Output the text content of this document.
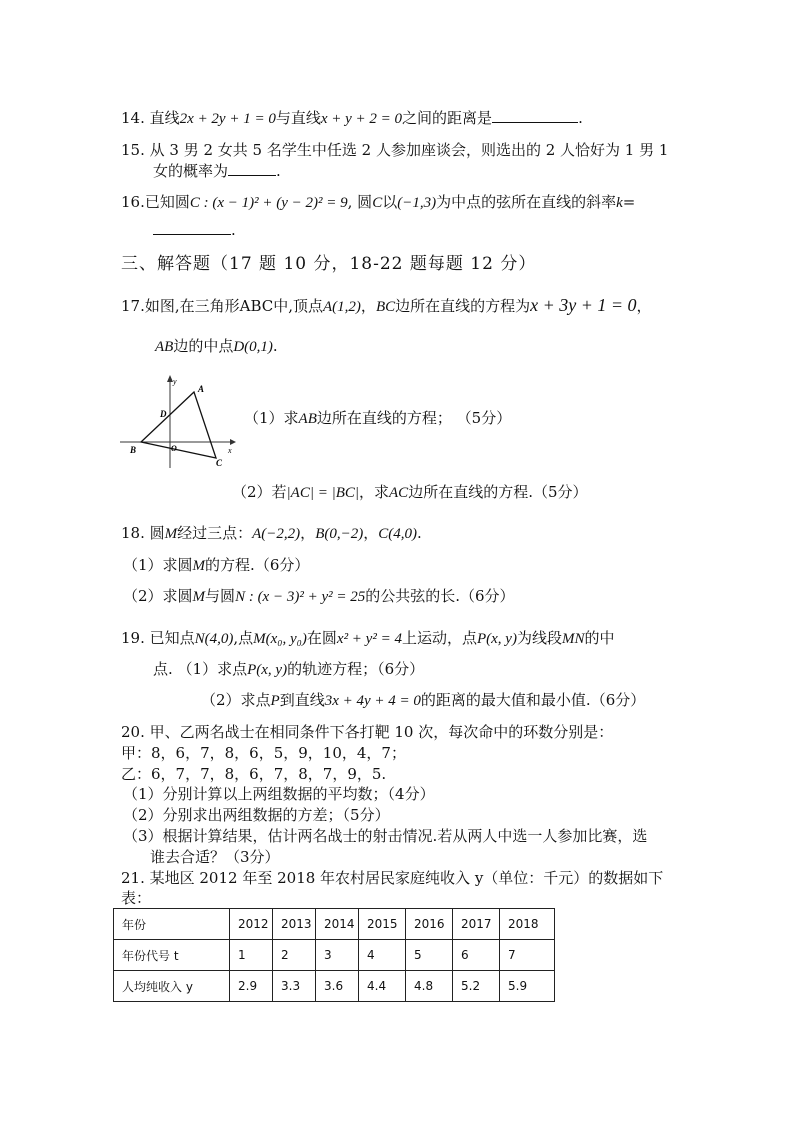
14. 直线2x + 2y + 1 = 0与直线x + y + 2 = 0之间的距离是	.
15. 从 3 男 2 女共 5 名学生中任选 2 人参加座谈会，则选出的 2 人恰好为 1 男 1
女的概率为	.
16.已知圆C : (x − 1)² + (y − 2)² = 9, 圆C以(−1,3)为中点的弦所在直线的斜率k=
.
三、解答题（17 题 10 分，18-22 题每题 12 分）
17.如图,在三角形ABC中,顶点A(1,2)，BC边所在直线的方程为x + 3y + 1 = 0，
AB边的中点D(0,1).
y
x
A
B
C
D
O
（1）求AB边所在直线的方程； （5分）
（2）若|AC| = |BC|，求AC边所在直线的方程.（5分）
18. 圆M经过三点：A(−2,2)，B(0,−2)，C(4,0).
（1）求圆M的方程.（6分）
（2）求圆M与圆N : (x − 3)² + y² = 25的公共弦的长.（6分）
19. 已知点N(4,0),点M(x₀, y₀)在圆x² + y² = 4上运动，点P(x, y)为线段MN的中
点. （1）求点P(x, y)的轨迹方程；（6分）
（2）求点P到直线3x + 4y + 4 = 0的距离的最大值和最小值.（6分）
20. 甲、乙两名战士在相同条件下各打靶 10 次，每次命中的环数分别是：
甲：8，6，7，8，6，5，9，10，4，7；
乙：6，7，7，8，6，7，8，7，9，5.
（1）分别计算以上两组数据的平均数；（4分）
（2）分别求出两组数据的方差；（5分）
（3）根据计算结果，估计两名战士的射击情况.若从两人中选一人参加比赛，选
谁去合适？（3分）
21. 某地区 2012 年至 2018 年农村居民家庭纯收入 y（单位：千元）的数据如下
表：
年份	2012	2013	2014	2015	2016	2017	2018
年份代号 t	1	2	3	4	5	6	7
人均纯收入 y	2.9	3.3	3.6	4.4	4.8	5.2	5.9
